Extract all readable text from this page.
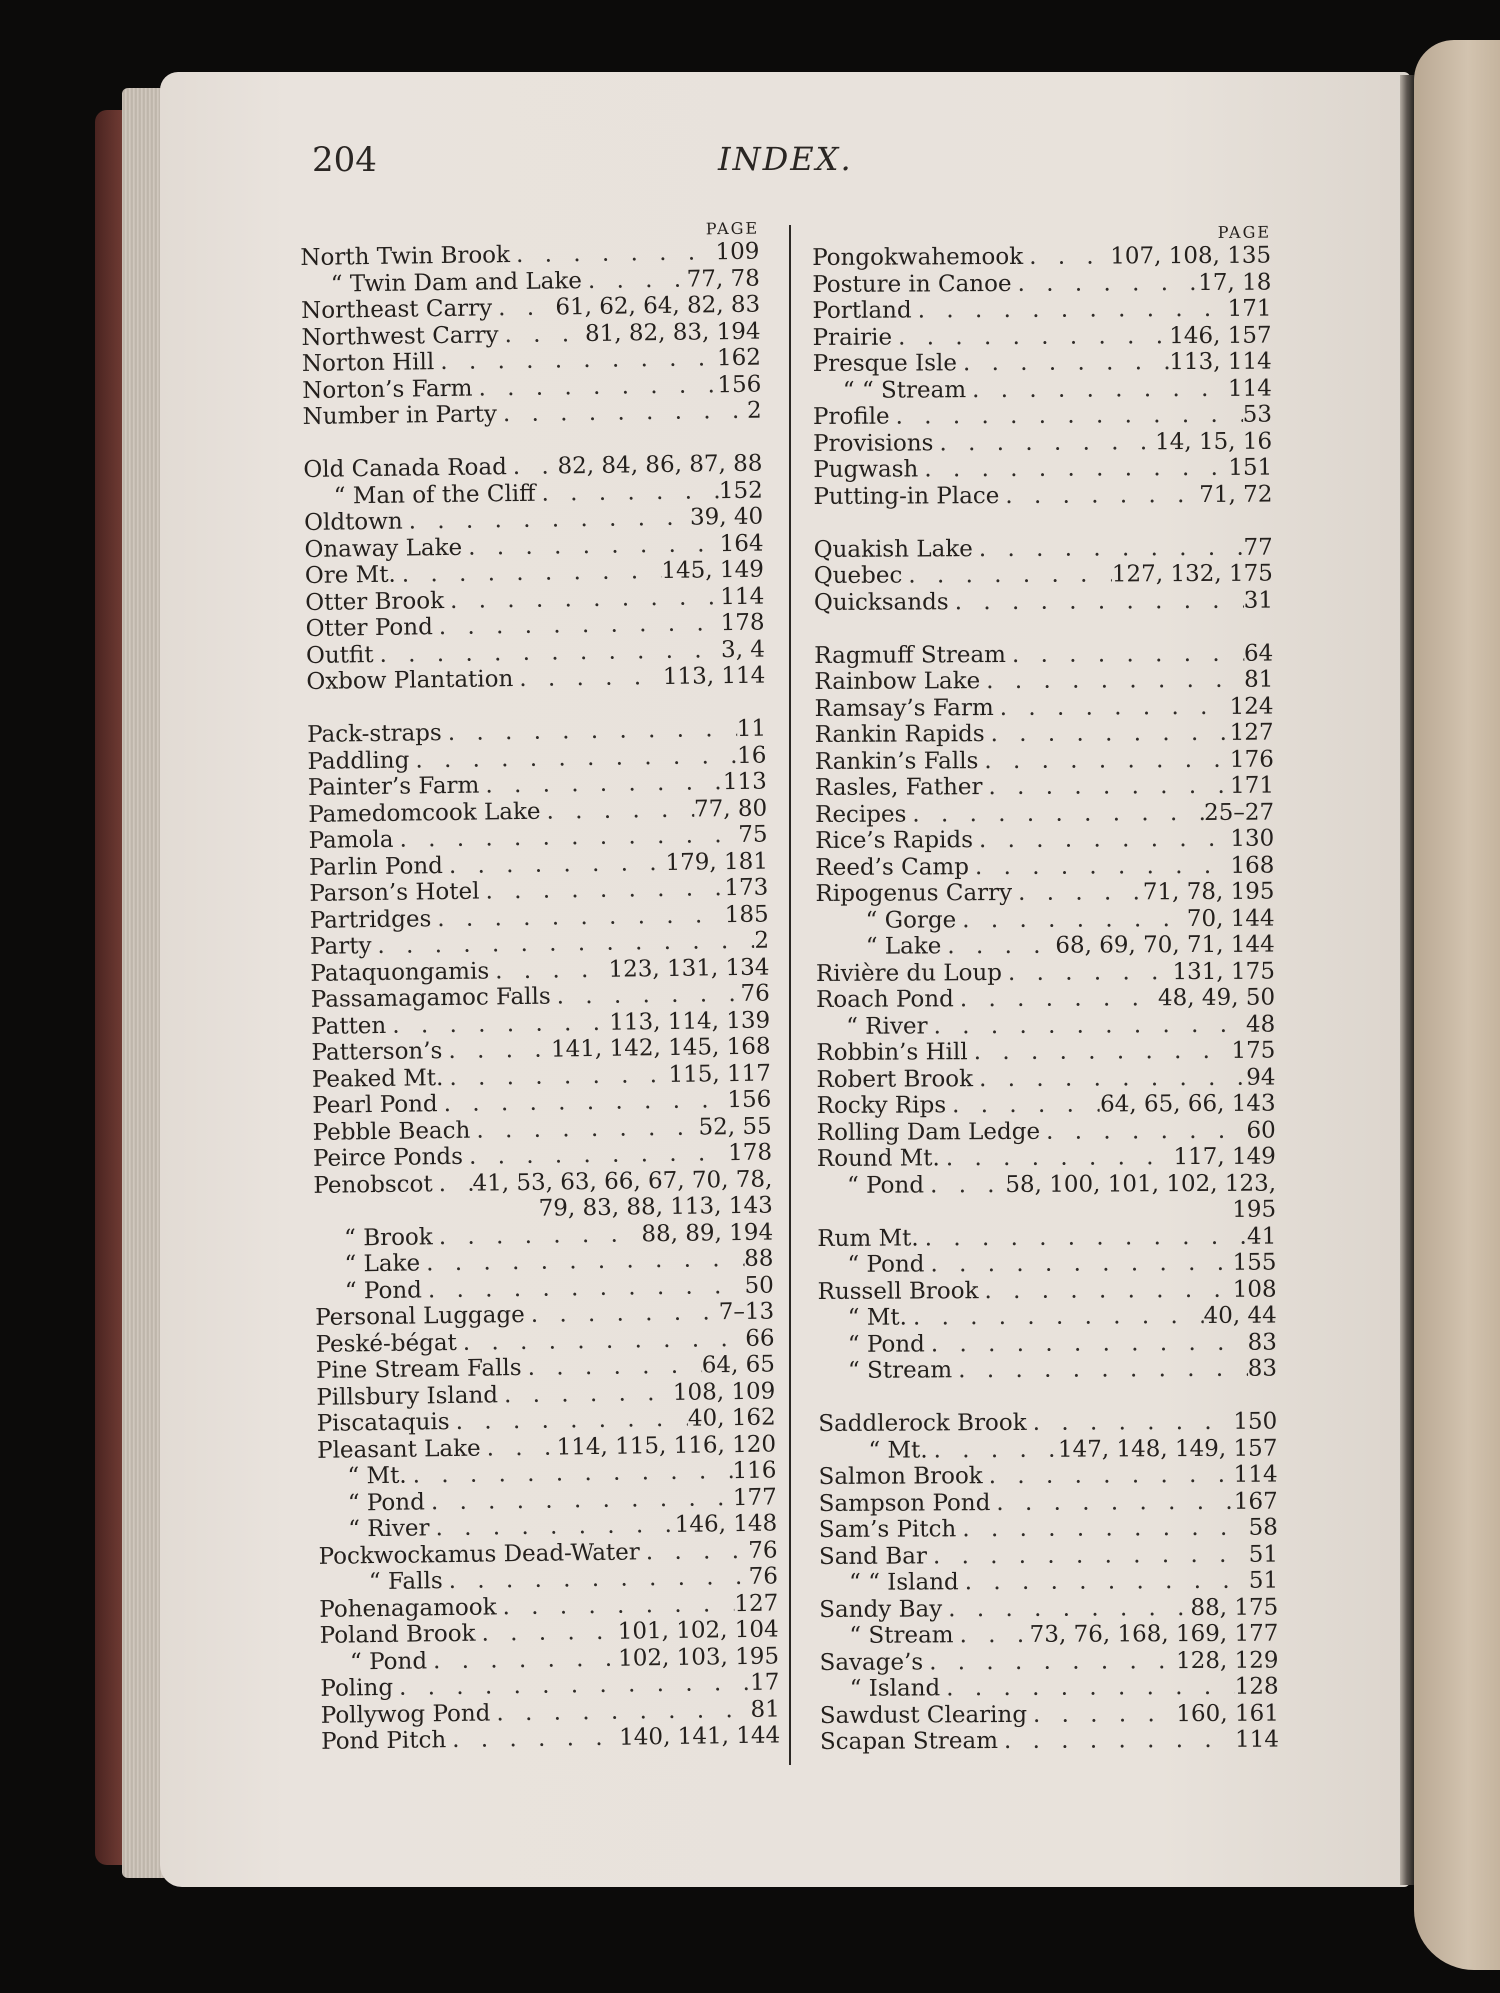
204	INDEX.
PAGE
North Twin Brook . . .	109
“ Twin Dam and Lake . . .	77, 78
Northeast Carry . . .	61, 62, 64, 82, 83
Northwest Carry . . .	81, 82, 83, 194
Norton Hill . . .	162
Norton’s Farm . . .	156
Number in Party . . .	2
Old Canada Road . . . 82, 84, 86, 87, 88
“ Man of the Cliff . . .	152
Oldtown . . .	39, 40
Onaway Lake . . .	164
Ore Mt. . . .	145, 149
Otter Brook . . .	114
Otter Pond . . .	178
Outfit . . .	3, 4
Oxbow Plantation . . .	113, 114
Pack-straps . . .	11
Paddling . . .	16
Painter’s Farm . . .	113
Pamedomcook Lake . . .	77, 80
Pamola . . .	75
Parlin Pond . . .	179, 181
Parson’s Hotel . . .	173
Partridges . . .	185
Party . . .	2
Pataquongamis . . .	123, 131, 134
Passamagamoc Falls . . .	76
Patten . . .	113, 114, 139
Patterson’s . . .	141, 142, 145, 168
Peaked Mt. . . .	115, 117
Pearl Pond . . .	156
Pebble Beach . . .	52, 55
Peirce Ponds . . .	178
Penobscot . . . 41, 53, 63, 66, 67, 70, 78,
79, 83, 88, 113, 143
“ Brook . . .	88, 89, 194
“ Lake . . .	88
“ Pond . . .	50
Personal Luggage . . .	7–13
Peské-bégat . . .	66
Pine Stream Falls . . .	64, 65
Pillsbury Island . . .	108, 109
Piscataquis . . .	40, 162
Pleasant Lake . . .	114, 115, 116, 120
“ Mt. . . .	116
“ Pond . . .	177
“ River . . .	146, 148
Pockwockamus Dead-Water . . .	76
“ Falls . . .	76
Pohenagamook . . .	127
Poland Brook . . .	101, 102, 104
“ Pond . . .	102, 103, 195
Poling . . .	17
Pollywog Pond . . .	81
Pond Pitch . . .	140, 141, 144
PAGE
Pongokwahemook . . .	107, 108, 135
Posture in Canoe . . .	17, 18
Portland . . .	171
Prairie . . .	146, 157
Presque Isle . . .	113, 114
“ “ Stream . . .	114
Profile . . .	53
Provisions . . .	14, 15, 16
Pugwash . . .	151
Putting-in Place . . .	71, 72
Quakish Lake . . .	77
Quebec . . .	127, 132, 175
Quicksands . . .	31
Ragmuff Stream . . .	64
Rainbow Lake . . .	81
Ramsay’s Farm . . .	124
Rankin Rapids . . .	127
Rankin’s Falls . . .	176
Rasles, Father . . .	171
Recipes . . .	25–27
Rice’s Rapids . . .	130
Reed’s Camp . . .	168
Ripogenus Carry . . .	71, 78, 195
“ Gorge . . .	70, 144
“ Lake . . .	68, 69, 70, 71, 144
Rivière du Loup . . .	131, 175
Roach Pond . . .	48, 49, 50
“ River . . .	48
Robbin’s Hill . . .	175
Robert Brook . . .	94
Rocky Rips . . .	64, 65, 66, 143
Rolling Dam Ledge . . .	60
Round Mt. . . .	117, 149
“ Pond . . .	58, 100, 101, 102, 123,
195
Rum Mt. . . .	41
“ Pond . . .	155
Russell Brook . . .	108
“ Mt. . . .	40, 44
“ Pond . . .	83
“ Stream . . .	83
Saddlerock Brook . . .	150
“ Mt. . . .	147, 148, 149, 157
Salmon Brook . . .	114
Sampson Pond . . .	167
Sam’s Pitch . . .	58
Sand Bar . . .	51
“ “ Island . . .	51
Sandy Bay . . .	88, 175
“ Stream . . .	73, 76, 168, 169, 177
Savage’s . . .	128, 129
“ Island . . .	128
Sawdust Clearing . . .	160, 161
Scapan Stream . . .	114
